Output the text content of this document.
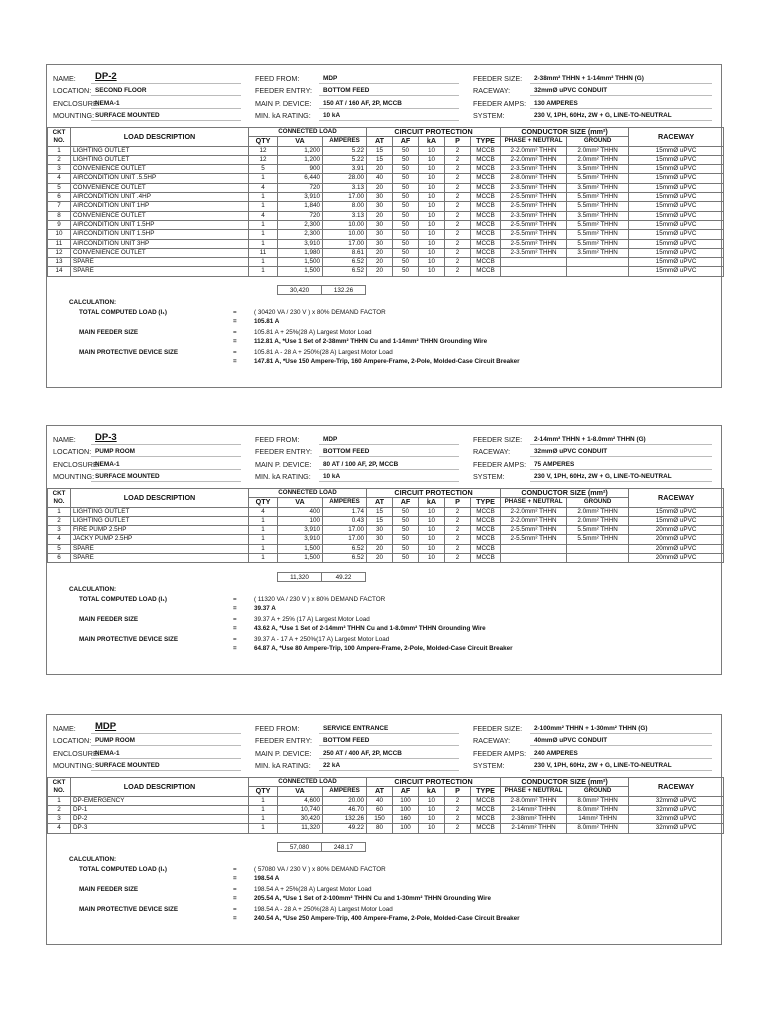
NAME: DP-2	FEED FROM:	MDP	FEEDER SIZE: 2-38mm² THHN + 1-14mm² THHN (G)
LOCATION: SECOND FLOOR	FEEDER ENTRY: BOTTOM FEED	RACEWAY:	32mmØ uPVC CONDUIT
ENCLOSURE:
NEMA-1	MAIN P. DEVICE: 150 AT / 160 AF, 2P, MCCB	FEEDER AMPS: 130 AMPERES
MOUNTING: SURFACE MOUNTED	MIN. kA RATING: 10 kA	SYSTEM:	230 V, 1PH, 60Hz, 2W + G, LINE-TO-NEUTRAL
CKT
NO.	LOAD DESCRIPTION	CONNECTED LOAD			CIRCUIT PROTECTION					CONDUCTOR SIZE (mm²)		RACEWAY
		QTY	VA	AMPERES	AT	AF	kA	P	TYPE	PHASE + NEUTRAL	GROUND	
1	LIGHTING OUTLET	12	1,200	5.22	15	50	10	2	MCCB	2-2.0mm² THHN	2.0mm² THHN	15mmØ uPVC
2	LIGHTING OUTLET	12	1,200	5.22	15	50	10	2	MCCB	2-2.0mm² THHN	2.0mm² THHN	15mmØ uPVC
3	CONVENIENCE OUTLET	5	900	3.91	20	50	10	2	MCCB	2-3.5mm² THHN	3.5mm² THHN	15mmØ uPVC
4	AIRCONDITION UNIT .5.5HP	1	6,440	28.00	40	50	10	2	MCCB	2-8.0mm² THHN	5.5mm² THHN	15mmØ uPVC
5	CONVENIENCE OUTLET	4	720	3.13	20	50	10	2	MCCB	2-3.5mm² THHN	3.5mm² THHN	15mmØ uPVC
6	AIRCONDITION UNIT .4HP	1	3,910	17.00	30	50	10	2	MCCB	2-5.5mm² THHN	5.5mm² THHN	15mmØ uPVC
7	AIRCONDITION UNIT 1HP	1	1,840	8.00	30	50	10	2	MCCB	2-5.5mm² THHN	5.5mm² THHN	15mmØ uPVC
8	CONVENIENCE OUTLET	4	720	3.13	20	50	10	2	MCCB	2-3.5mm² THHN	3.5mm² THHN	15mmØ uPVC
9	AIRCONDITION UNIT 1.5HP	1	2,300	10.00	30	50	10	2	MCCB	2-5.5mm² THHN	5.5mm² THHN	15mmØ uPVC
10	AIRCONDITION UNIT 1.5HP	1	2,300	10.00	30	50	10	2	MCCB	2-5.5mm² THHN	5.5mm² THHN	15mmØ uPVC
11	AIRCONDITION UNIT 3HP	1	3,910	17.00	30	50	10	2	MCCB	2-5.5mm² THHN	5.5mm² THHN	15mmØ uPVC
12	CONVENIENCE OUTLET	11	1,980	8.61	20	50	10	2	MCCB	2-3.5mm² THHN	3.5mm² THHN	15mmØ uPVC
13	SPARE	1	1,500	6.52	20	50	10	2	MCCB			15mmØ uPVC
14	SPARE	1	1,500	6.52	20	50	10	2	MCCB			15mmØ uPVC

30,420	132.26
CALCULATION:
TOTAL COMPUTED LOAD (I₁)	=	( 30420 VA / 230 V ) x 80% DEMAND FACTOR
=	105.81 A
MAIN FEEDER SIZE	=	105.81 A + 25%(28 A) Largest Motor Load
=	112.81 A, *Use 1 Set of 2-38mm² THHN Cu and 1-14mm² THHN Grounding Wire
MAIN PROTECTIVE DEVICE SIZE	=	105.81 A - 28 A + 250%(28 A) Largest Motor Load
=	147.81 A, *Use 150 Ampere-Trip, 160 Ampere-Frame, 2-Pole, Molded-Case Circuit Breaker
NAME: DP-3	FEED FROM:	MDP	FEEDER SIZE: 2-14mm² THHN + 1-8.0mm² THHN (G)
LOCATION: PUMP ROOM	FEEDER ENTRY: BOTTOM FEED	RACEWAY:	32mmØ uPVC CONDUIT
ENCLOSURE:
NEMA-1	MAIN P. DEVICE: 80 AT / 100 AF, 2P, MCCB	FEEDER AMPS: 75 AMPERES
MOUNTING: SURFACE MOUNTED	MIN. kA RATING: 10 kA	SYSTEM:	230 V, 1PH, 60Hz, 2W + G, LINE-TO-NEUTRAL
CKT
NO.	LOAD DESCRIPTION	CONNECTED LOAD			CIRCUIT PROTECTION					CONDUCTOR SIZE (mm²)		RACEWAY
		QTY	VA	AMPERES	AT	AF	kA	P	TYPE	PHASE + NEUTRAL	GROUND	
1	LIGHTING OUTLET	4	400	1.74	15	50	10	2	MCCB	2-2.0mm² THHN	2.0mm² THHN	15mmØ uPVC
2	LIGHTING OUTLET	1	100	0.43	15	50	10	2	MCCB	2-2.0mm² THHN	2.0mm² THHN	15mmØ uPVC
3	FIRE PUMP 2.5HP	1	3,910	17.00	30	50	10	2	MCCB	2-5.5mm² THHN	5.5mm² THHN	20mmØ uPVC
4	JACKY PUMP 2.5HP	1	3,910	17.00	30	50	10	2	MCCB	2-5.5mm² THHN	5.5mm² THHN	20mmØ uPVC
5	SPARE	1	1,500	6.52	20	50	10	2	MCCB			20mmØ uPVC
6	SPARE	1	1,500	6.52	20	50	10	2	MCCB			20mmØ uPVC

11,320	49.22
CALCULATION:
TOTAL COMPUTED LOAD (I₁)	=	( 11320 VA / 230 V ) x 80% DEMAND FACTOR
=	39.37 A
MAIN FEEDER SIZE	=	39.37 A + 25% (17 A) Largest Motor Load
=	43.62 A, *Use 1 Set of 2-14mm² THHN Cu and 1-8.0mm² THHN Grounding Wire
MAIN PROTECTIVE DEVICE SIZE	=	39.37 A - 17 A + 250%(17 A) Largest Motor Load
=	64.87 A, *Use 80 Ampere-Trip, 100 Ampere-Frame, 2-Pole, Molded-Case Circuit Breaker
NAME: MDP	FEED FROM:	SERVICE ENTRANCE	FEEDER SIZE: 2-100mm² THHN + 1-30mm² THHN (G)
LOCATION: PUMP ROOM	FEEDER ENTRY: BOTTOM FEED	RACEWAY:	40mmØ uPVC CONDUIT
ENCLOSURE:
NEMA-1	MAIN P. DEVICE: 250 AT / 400 AF, 2P, MCCB	FEEDER AMPS: 240 AMPERES
MOUNTING: SURFACE MOUNTED	MIN. kA RATING: 22 kA	SYSTEM:	230 V, 1PH, 60Hz, 2W + G, LINE-TO-NEUTRAL
CKT
NO.	LOAD DESCRIPTION	CONNECTED LOAD			CIRCUIT PROTECTION					CONDUCTOR SIZE (mm²)		RACEWAY
		QTY	VA	AMPERES	AT	AF	kA	P	TYPE	PHASE + NEUTRAL	GROUND	
1	DP-EMERGENCY	1	4,600	20.00	40	100	10	2	MCCB	2-8.0mm² THHN	8.0mm² THHN	32mmØ uPVC
2	DP-1	1	10,740	46.70	60	100	10	2	MCCB	2-14mm² THHN	8.0mm² THHN	32mmØ uPVC
3	DP-2	1	30,420	132.26	150	160	10	2	MCCB	2-38mm² THHN	14mm² THHN	32mmØ uPVC
4	DP-3	1	11,320	49.22	80	100	10	2	MCCB	2-14mm² THHN	8.0mm² THHN	32mmØ uPVC

57,080	248.17
CALCULATION:
TOTAL COMPUTED LOAD (I₁)	=	( 57080 VA / 230 V ) x 80% DEMAND FACTOR
=	198.54 A
MAIN FEEDER SIZE	=	198.54 A + 25%(28 A) Largest Motor Load
=	205.54 A, *Use 1 Set of 2-100mm² THHN Cu and 1-30mm² THHN Grounding Wire
MAIN PROTECTIVE DEVICE SIZE	=	198.54 A - 28 A + 250%(28 A) Largest Motor Load
=	240.54 A, *Use 250 Ampere-Trip, 400 Ampere-Frame, 2-Pole, Molded-Case Circuit Breaker
